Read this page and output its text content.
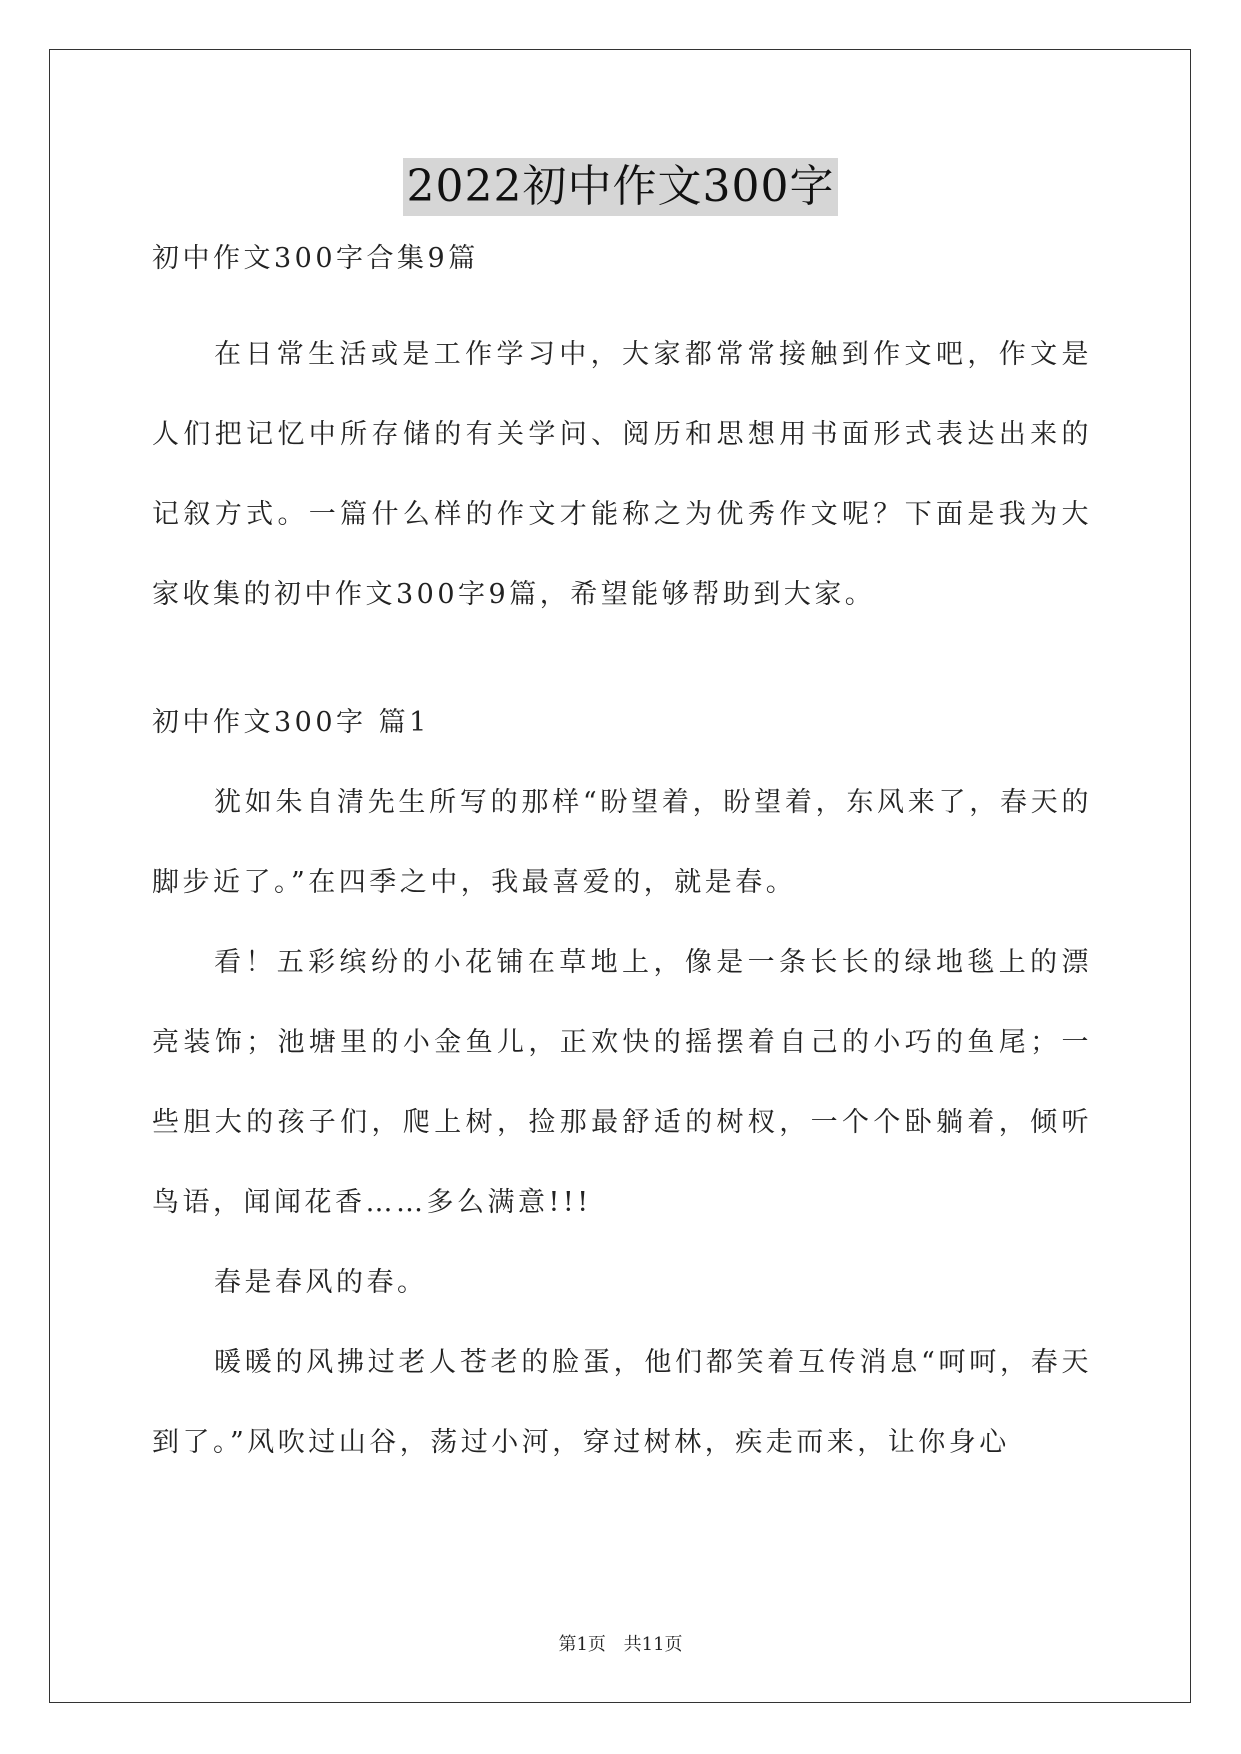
2022初中作文300字
初中作文300字合集9篇

在日常生活或是工作学习中，大家都常常接触到作文吧，作文是人们把记忆中所存储的有关学问、阅历和思想用书面形式表达出来的记叙方式。一篇什么样的作文才能称之为优秀作文呢？下面是我为大家收集的初中作文300字9篇，希望能够帮助到大家。

初中作文300字 篇1

犹如朱自清先生所写的那样“盼望着，盼望着，东风来了，春天的脚步近了。”在四季之中，我最喜爱的，就是春。

看！五彩缤纷的小花铺在草地上，像是一条长长的绿地毯上的漂亮装饰；池塘里的小金鱼儿，正欢快的摇摆着自己的小巧的鱼尾；一些胆大的孩子们，爬上树，捡那最舒适的树杈，一个个卧躺着，倾听鸟语，闻闻花香……多么满意!!!

春是春风的春。

暖暖的风拂过老人苍老的脸蛋，他们都笑着互传消息“呵呵，春天到了。”风吹过山谷，荡过小河，穿过树林，疾走而来，让你身心

第1页 共11页
